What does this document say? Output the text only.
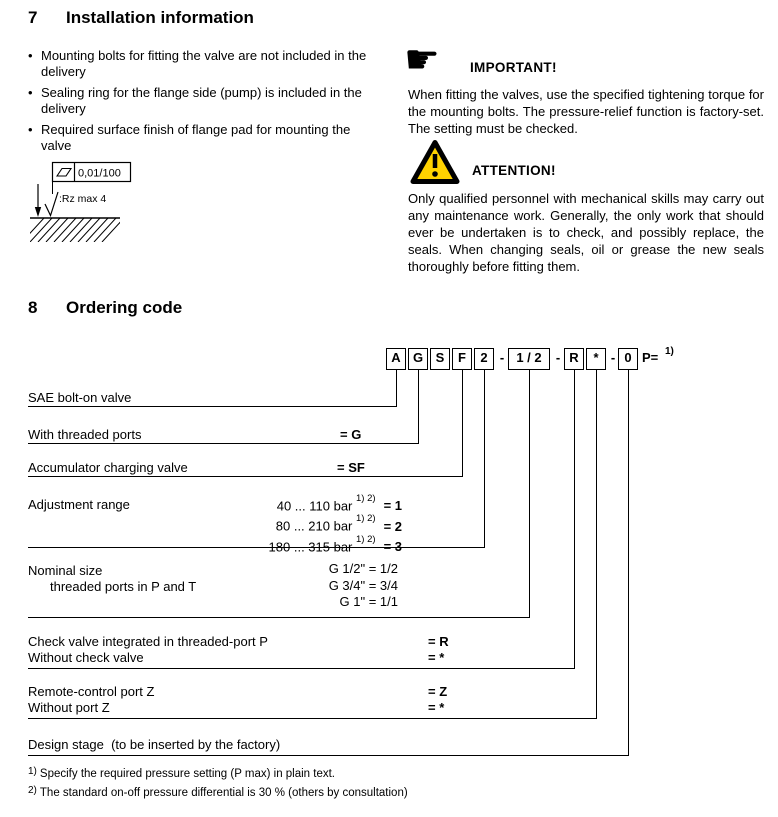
7 Installation information
• Mounting bolts for fitting the valve are not included in the delivery
• Sealing ring for the flange side (pump) is included in the delivery
• Required surface finish of flange pad for mounting the valve
0,01/100
:Rz max 4
☛ IMPORTANT!

When fitting the valves, use the specified tightening torque for the mounting bolts. The pressure-relief function is factory-set. The setting must be checked.

ATTENTION!

Only qualified personnel with mechanical skills may carry out any maintenance work. Generally, the only work that should ever be undertaken is to check, and possibly replace, the seals. When changing seals, oil or grease the new seals thoroughly before fitting them.

8 Ordering code
A G S	F	2 - 1 / 2	- R	* - 0 P= 1)
SAE bolt-on valve
With threaded ports	= G
Accumulator charging valve	= SF
Adjustment range	40 ... 110 bar $^{1) 2)}$ = 1
80 ... 210 bar $^{1) 2)}$ = 2
180 ... 315 bar $^{1) 2)}$ = 3
Nominal size
threaded ports in P and T
G 1/2" = 1/2
G 3/4" = 3/4
G 1" = 1/1
Check valve integrated in threaded-port P	= R
Without check valve	= *
Remote-control port Z	= Z
Without port Z	= *
Design stage  (to be inserted by the factory)
1) Specify the required pressure setting (P max) in plain text.
2) The standard on-off pressure differential is 30 % (others by consultation)
